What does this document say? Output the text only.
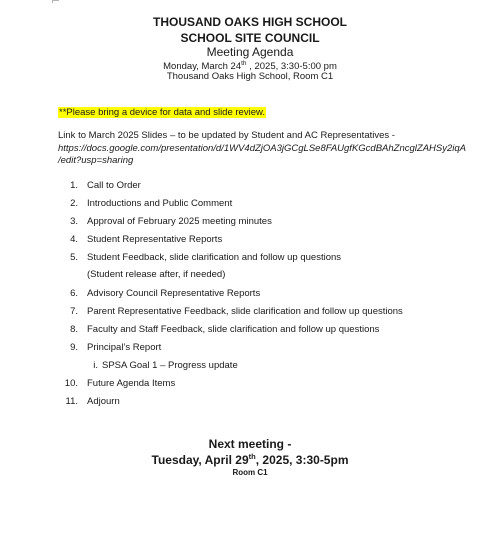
THOUSAND OAKS HIGH SCHOOL
SCHOOL SITE COUNCIL
Meeting Agenda
Monday, March 24th , 2025, 3:30-5:00 pm
Thousand Oaks High School, Room C1
**Please bring a device for data and slide review.
Link to March 2025 Slides – to be updated by Student and AC Representatives -
https://docs.google.com/presentation/d/1WV4dZjOA3jGCgLSe8FAUgfKGcdBAhZncglZAHSy2iqA
/edit?usp=sharing
1. Call to Order
2. Introductions and Public Comment
3. Approval of February 2025 meeting minutes
4. Student Representative Reports
5. Student Feedback, slide clarification and follow up questions
(Student release after, if needed)
6. Advisory Council Representative Reports
7. Parent Representative Feedback, slide clarification and follow up questions
8. Faculty and Staff Feedback, slide clarification and follow up questions
9. Principal’s Report
i. SPSA Goal 1 – Progress update
10. Future Agenda Items
11. Adjourn
Next meeting -
Tuesday, April 29th, 2025, 3:30-5pm
Room C1
